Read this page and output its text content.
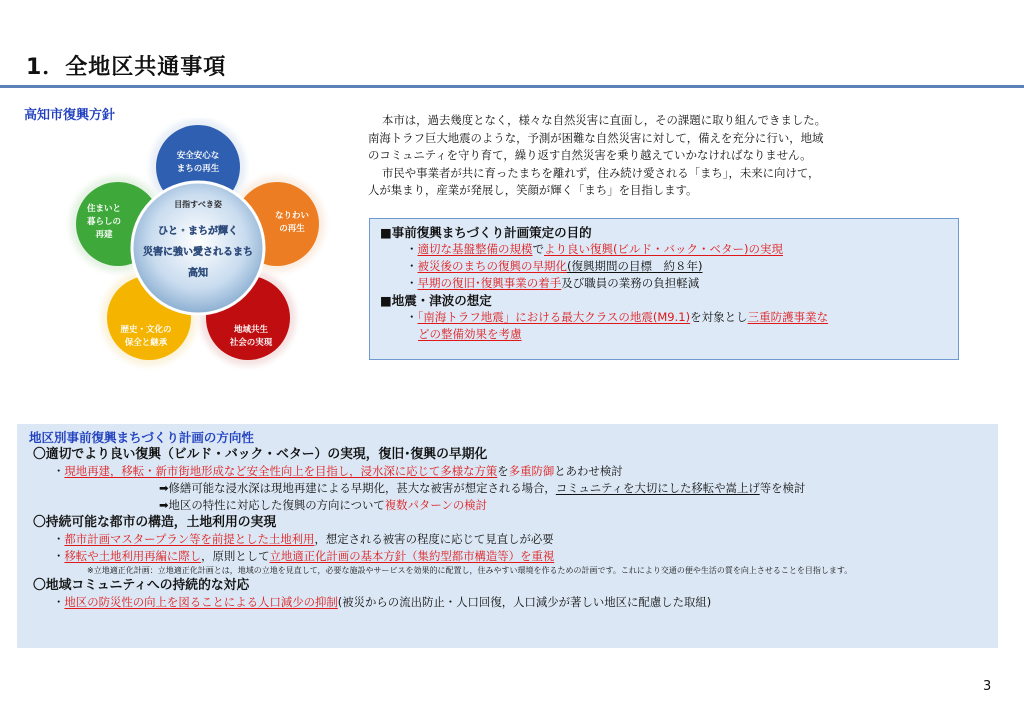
1．全地区共通事項
高知市復興方針
安全安心な
まちの再生
なりわい
の再生
地域共生
社会の実現
歴史・文化の
保全と継承
住まいと
暮らしの
再建
目指すべき姿
ひと・まちが輝く
災害に強い愛されるまち
高知

本市は，過去幾度となく，様々な自然災害に直面し，その課題に取り組んできました。

南海トラフ巨大地震のような，予測が困難な自然災害に対して，備えを充分に行い，地域

のコミュニティを守り育て，繰り返す自然災害を乗り越えていかなければなりません。

市民や事業者が共に育ったまちを離れず，住み続け愛される「まち」，未来に向けて，

人が集まり，産業が発展し，笑顔が輝く「まち」を目指します。

■事前復興まちづくり計画策定の目的
・適切な基盤整備の規模でより良い復興(ビルド・バック・ベター)の実現
・被災後のまちの復興の早期化(復興期間の目標　約８年)
・早期の復旧･復興事業の着手及び職員の業務の負担軽減
■地震・津波の想定
・「南海トラフ地震」における最大クラスの地震(M9.1)を対象とし三重防護事業な
どの整備効果を考慮
地区別事前復興まちづくり計画の方向性
〇適切でより良い復興（ビルド・バック・ベター）の実現，復旧･復興の早期化
・現地再建，移転・新市街地形成など安全性向上を目指し，浸水深に応じて多様な方策を多重防御とあわせ検討
➡修繕可能な浸水深は現地再建による早期化，甚大な被害が想定される場合，コミュニティを大切にした移転や嵩上げ等を検討
➡地区の特性に対応した復興の方向について複数パターンの検討
〇持続可能な都市の構造，土地利用の実現
・都市計画マスタープラン等を前提とした土地利用，想定される被害の程度に応じて見直しが必要
・移転や土地利用再編に際し，原則として立地適正化計画の基本方針（集約型都市構造等）を重視
※立地適正化計画：立地適正化計画とは，地域の立地を見直して，必要な施設やサービスを効果的に配置し，住みやすい環境を作るための計画です。これにより交通の便や生活の質を向上させることを目指します。
〇地域コミュニティへの持続的な対応
・地区の防災性の向上を図ることによる人口減少の抑制(被災からの流出防止・人口回復，人口減少が著しい地区に配慮した取組)
3
